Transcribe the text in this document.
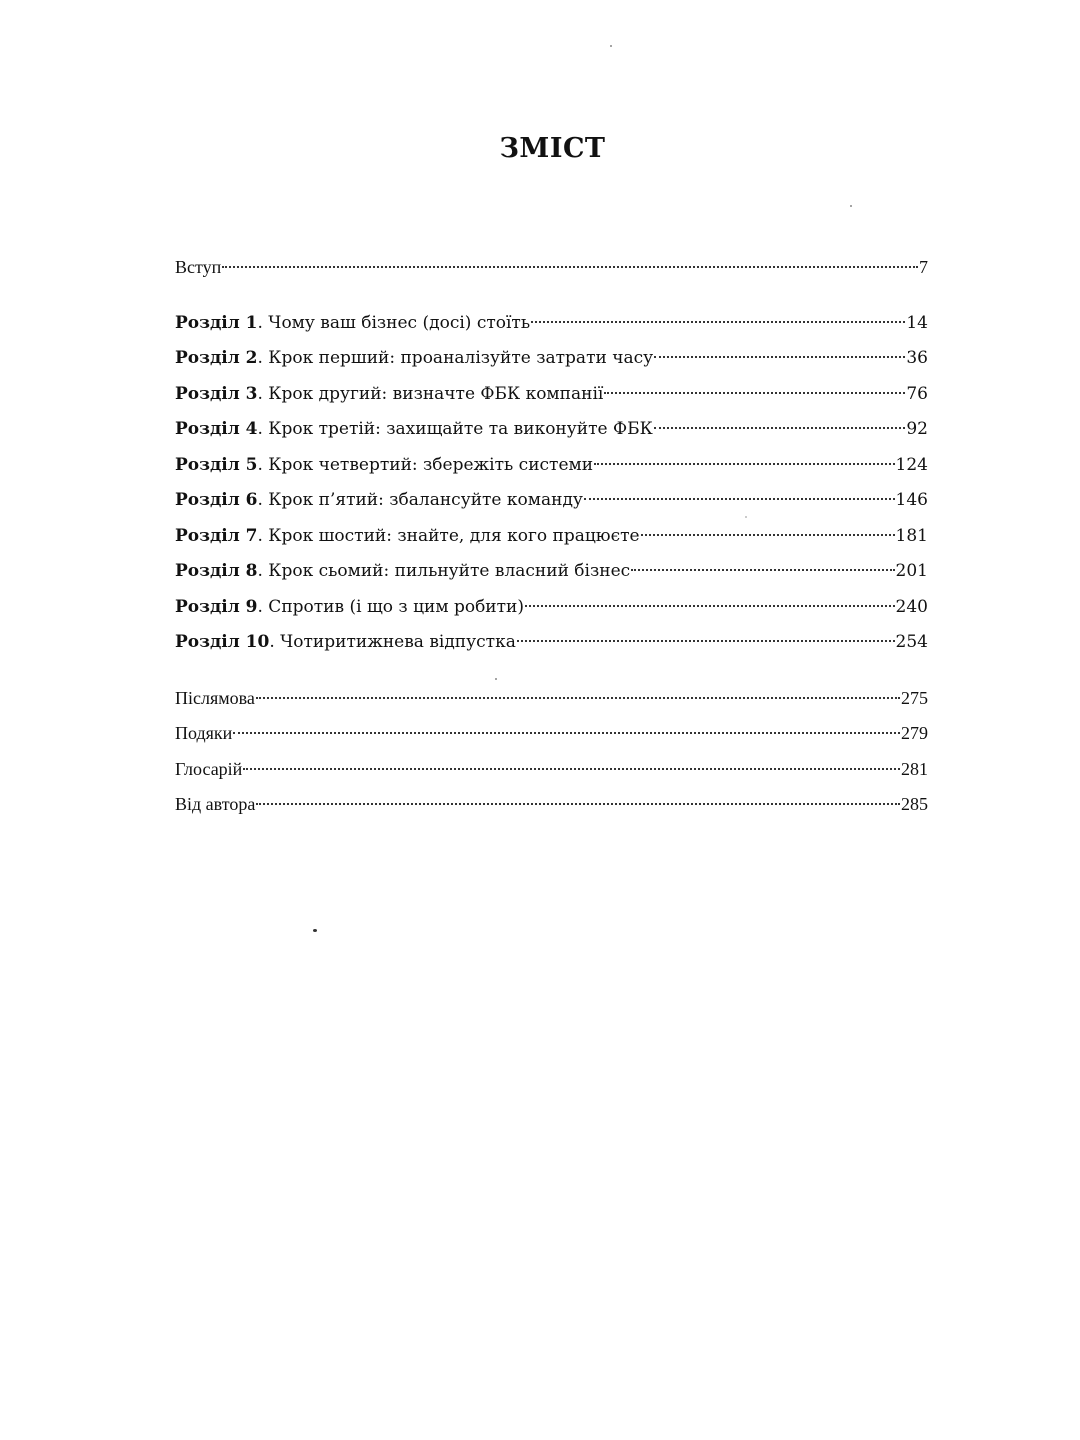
ЗМІСТ
Вступ	7
Розділ 1. Чому ваш бізнес (досі) стоїть	14
Розділ 2. Крок перший: проаналізуйте затрати часу	36
Розділ 3. Крок другий: визначте ФБК компанії	76
Розділ 4. Крок третій: захищайте та виконуйте ФБК	92
Розділ 5. Крок четвертий: збережіть системи	124
Розділ 6. Крок п’ятий: збалансуйте команду	146
Розділ 7. Крок шостий: знайте, для кого працюєте	181
Розділ 8. Крок сьомий: пильнуйте власний бізнес	201
Розділ 9. Спротив (і що з цим робити)	240
Розділ 10. Чотиритижнева відпустка	254
Післямова	275
Подяки	279
Глосарій	281
Від автора	285
